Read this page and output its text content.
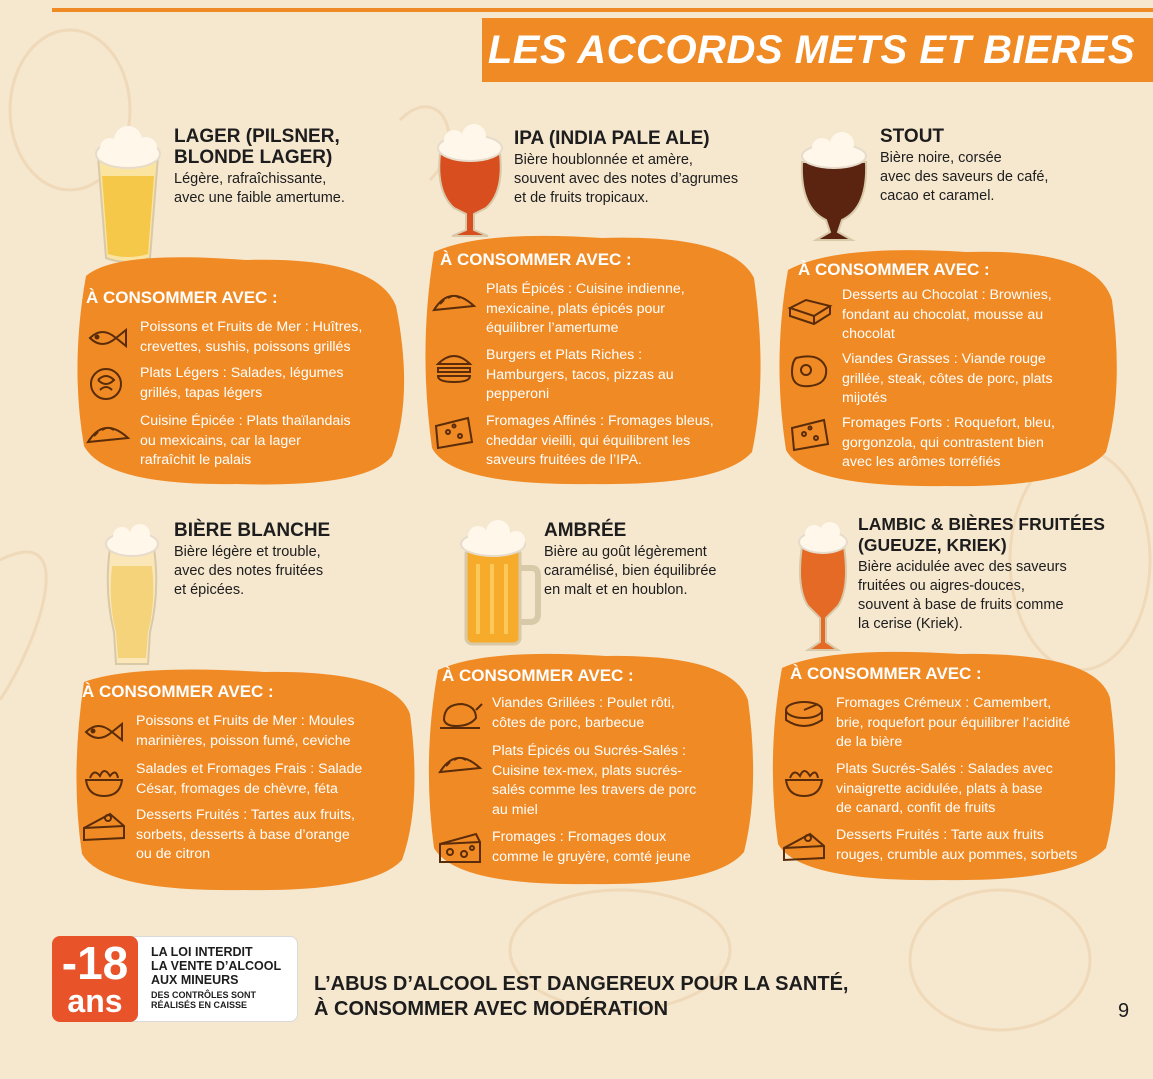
LES ACCORDS METS ET BIERES
LAGER (PILSNER,
BLONDE LAGER)
Légère, rafraîchissante,
avec une faible amertume.
À CONSOMMER AVEC :
Poissons et Fruits de Mer : Huîtres,
crevettes, sushis, poissons grillés
Plats Légers : Salades, légumes
grillés, tapas légers
Cuisine Épicée : Plats thaïlandais
ou mexicains, car la lager
rafraîchit le palais
IPA (INDIA PALE ALE)
Bière houblonnée et amère,
souvent avec des notes d’agrumes
et de fruits tropicaux.
À CONSOMMER AVEC :
Plats Épicés : Cuisine indienne,
mexicaine, plats épicés pour
équilibrer l’amertume
Burgers et Plats Riches :
Hamburgers, tacos, pizzas au
pepperoni
Fromages Affinés : Fromages bleus,
cheddar vieilli, qui équilibrent les
saveurs fruitées de l’IPA.
STOUT
Bière noire, corsée
avec des saveurs de café,
cacao et caramel.
À CONSOMMER AVEC :
Desserts au Chocolat : Brownies,
fondant au chocolat, mousse au
chocolat
Viandes Grasses : Viande rouge
grillée, steak, côtes de porc, plats
mijotés
Fromages Forts : Roquefort, bleu,
gorgonzola, qui contrastent bien
avec les arômes torréfiés
BIÈRE BLANCHE
Bière légère et trouble,
avec des notes fruitées
et épicées.
À CONSOMMER AVEC :
Poissons et Fruits de Mer : Moules
marinières, poisson fumé, ceviche
Salades et Fromages Frais : Salade
César, fromages de chèvre, féta
Desserts Fruités : Tartes aux fruits,
sorbets, desserts à base d’orange
ou de citron
AMBRÉE
Bière au goût légèrement
caramélisé, bien équilibrée
en malt et en houblon.
À CONSOMMER AVEC :
Viandes Grillées : Poulet rôti,
côtes de porc, barbecue
Plats Épicés ou Sucrés-Salés :
Cuisine tex-mex, plats sucrés-
salés comme les travers de porc
au miel
Fromages : Fromages doux
comme le gruyère, comté jeune
LAMBIC & BIÈRES FRUITÉES
(GUEUZE, KRIEK)
Bière acidulée avec des saveurs
fruitées ou aigres-douces,
souvent à base de fruits comme
la cerise (Kriek).
À CONSOMMER AVEC :
Fromages Crémeux : Camembert,
brie, roquefort pour équilibrer l’acidité
de la bière
Plats Sucrés-Salés : Salades avec
vinaigrette acidulée, plats à base
de canard, confit de fruits
Desserts Fruités : Tarte aux fruits
rouges, crumble aux pommes, sorbets
LA LOI INTERDIT
LA VENTE D’ALCOOL
AUX MINEURS
DES CONTRÔLES SONT
RÉALISÉS EN CAISSE
-18
ans	L’ABUS D’ALCOOL EST DANGEREUX POUR LA SANTÉ,
À CONSOMMER AVEC MODÉRATION	9
